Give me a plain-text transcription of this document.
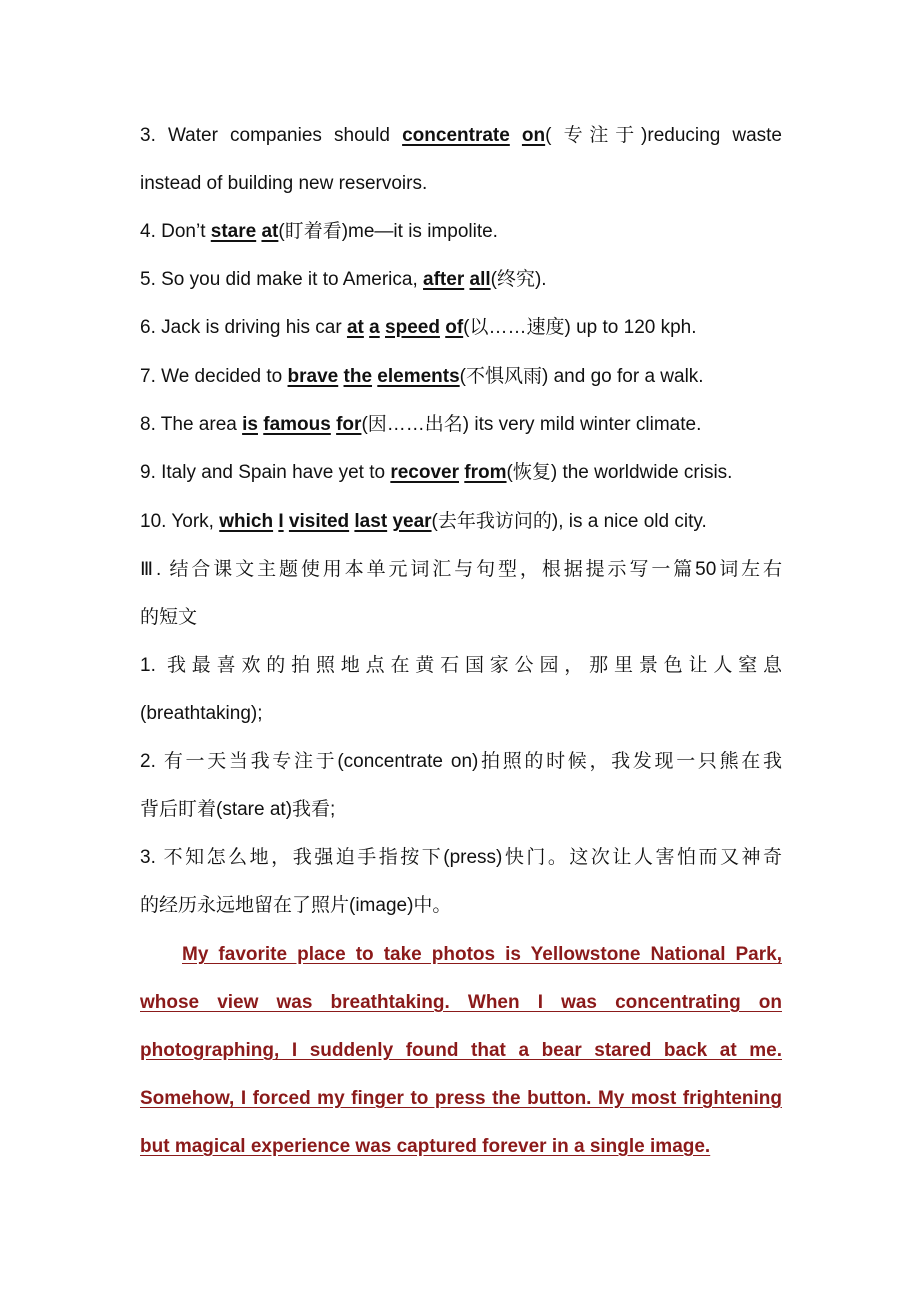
3. Water companies should concentrate on( 专注于)reducing waste
instead of building new reservoirs.
4. Don’t stare at(盯着看)me—it is impolite.
5. So you did make it to America, after all(终究).
6. Jack is driving his car at a speed of(以……速度) up to 120 kph.
7. We decided to brave the elements(不惧风雨) and go for a walk.
8. The area is famous for(因……出名) its very mild winter climate.
9. Italy and Spain have yet to recover from(恢复) the worldwide crisis.
10. York, which I visited last year(去年我访问的), is a nice old city.
Ⅲ. 结合课文主题使用本单元词汇与句型，根据提示写一篇50词左右
的短文
1. 我最喜欢的拍照地点在黄石国家公园，那里景色让人窒息
(breathtaking);
2. 有一天当我专注于(concentrate on)拍照的时候，我发现一只熊在我
背后盯着(stare at)我看;
3. 不知怎么地，我强迫手指按下(press)快门。这次让人害怕而又神奇
的经历永远地留在了照片(image)中。
My favorite place to take photos is Yellowstone National Park,
whose view was breathtaking. When I was concentrating on
photographing, I suddenly found that a bear stared back at me.
Somehow, I forced my finger to press the button. My most frightening
but magical experience was captured forever in a single image.
